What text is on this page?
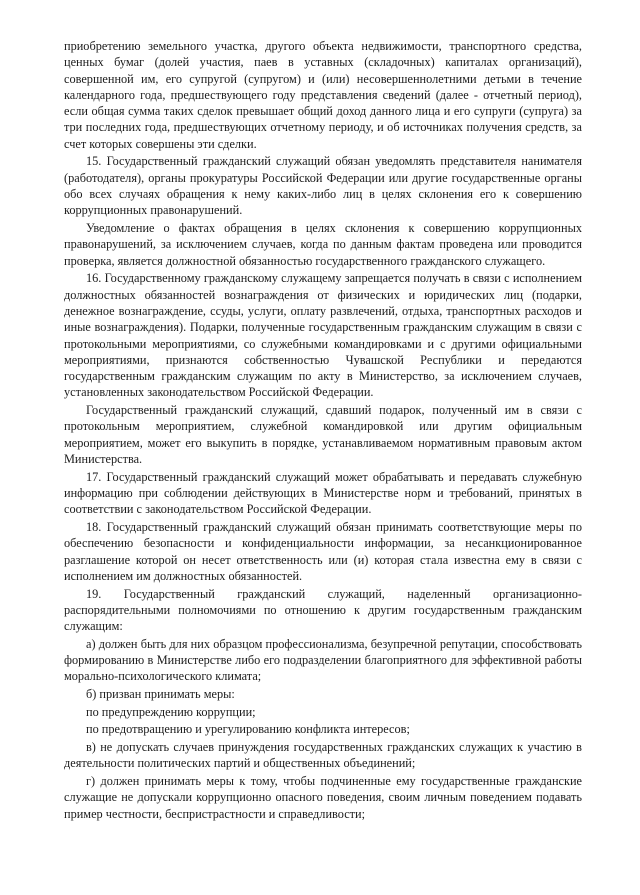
приобретению земельного участка, другого объекта недвижимости, транспортного средства, ценных бумаг (долей участия, паев в уставных (складочных) капиталах организаций), совершенной им, его супругой (супругом) и (или) несовершеннолетними детьми в течение календарного года, предшествующего году представления сведений (далее - отчетный период), если общая сумма таких сделок превышает общий доход данного лица и его супруги (супруга) за три последних года, предшествующих отчетному периоду, и об источниках получения средств, за счет которых совершены эти сделки.

15. Государственный гражданский служащий обязан уведомлять представителя нанимателя (работодателя), органы прокуратуры Российской Федерации или другие государственные органы обо всех случаях обращения к нему каких-либо лиц в целях склонения его к совершению коррупционных правонарушений.

Уведомление о фактах обращения в целях склонения к совершению коррупционных правонарушений, за исключением случаев, когда по данным фактам проведена или проводится проверка, является должностной обязанностью государственного гражданского служащего.

16. Государственному гражданскому служащему запрещается получать в связи с исполнением должностных обязанностей вознаграждения от физических и юридических лиц (подарки, денежное вознаграждение, ссуды, услуги, оплату развлечений, отдыха, транспортных расходов и иные вознаграждения). Подарки, полученные государственным гражданским служащим в связи с протокольными мероприятиями, со служебными командировками и с другими официальными мероприятиями, признаются собственностью Чувашской Республики и передаются государственным гражданским служащим по акту в Министерство, за исключением случаев, установленных законодательством Российской Федерации.

Государственный гражданский служащий, сдавший подарок, полученный им в связи с протокольным мероприятием, служебной командировкой или другим официальным мероприятием, может его выкупить в порядке, устанавливаемом нормативным правовым актом Министерства.

17. Государственный гражданский служащий может обрабатывать и передавать служебную информацию при соблюдении действующих в Министерстве норм и требований, принятых в соответствии с законодательством Российской Федерации.

18. Государственный гражданский служащий обязан принимать соответствующие меры по обеспечению безопасности и конфиденциальности информации, за несанкционированное разглашение которой он несет ответственность или (и) которая стала известна ему в связи с исполнением им должностных обязанностей.

19. Государственный гражданский служащий, наделенный организационно-распорядительными полномочиями по отношению к другим государственным гражданским служащим:

а) должен быть для них образцом профессионализма, безупречной репутации, способствовать формированию в Министерстве либо его подразделении благоприятного для эффективной работы морально-психологического климата;

б) призван принимать меры:

по предупреждению коррупции;

по предотвращению и урегулированию конфликта интересов;

в) не допускать случаев принуждения государственных гражданских служащих к участию в деятельности политических партий и общественных объединений;

г) должен принимать меры к тому, чтобы подчиненные ему государственные гражданские служащие не допускали коррупционно опасного поведения, своим личным поведением подавать пример честности, беспристрастности и справедливости;
